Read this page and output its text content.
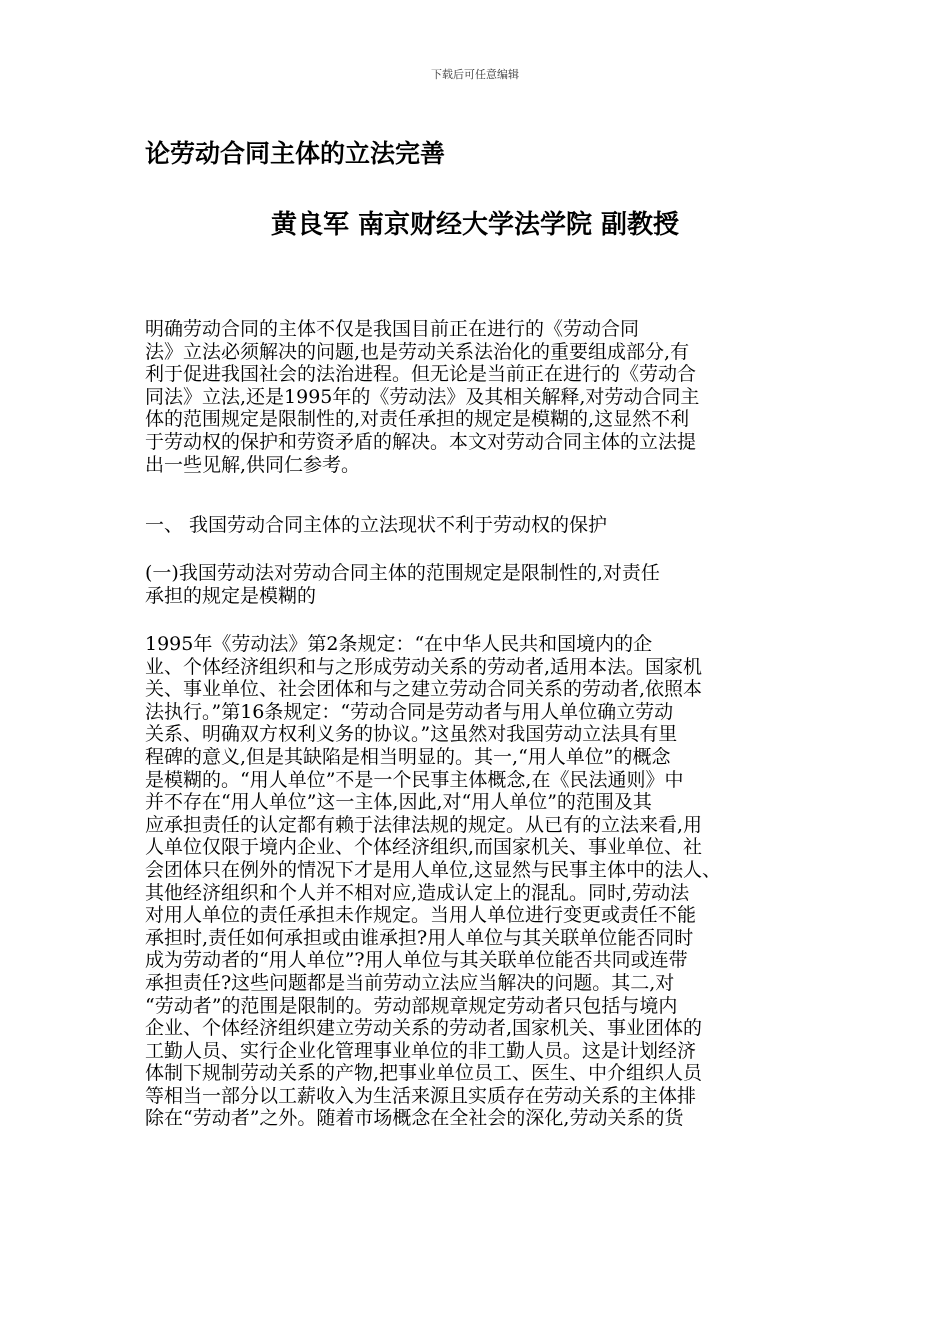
下载后可任意编辑
论劳动合同主体的立法完善
黄良军 南京财经大学法学院 副教授
明确劳动合同的主体不仅是我国目前正在进行的《劳动合同
法》立法必须解决的问题,也是劳动关系法治化的重要组成部分,有
利于促进我国社会的法治进程。但无论是当前正在进行的《劳动合
同法》立法,还是1995年的《劳动法》及其相关解释,对劳动合同主
体的范围规定是限制性的,对责任承担的规定是模糊的,这显然不利
于劳动权的保护和劳资矛盾的解决。本文对劳动合同主体的立法提
出一些见解,供同仁参考。
一、 我国劳动合同主体的立法现状不利于劳动权的保护
(一)我国劳动法对劳动合同主体的范围规定是限制性的,对责任
承担的规定是模糊的
1995年《劳动法》第2条规定：“在中华人民共和国境内的企
业、个体经济组织和与之形成劳动关系的劳动者,适用本法。国家机
关、事业单位、社会团体和与之建立劳动合同关系的劳动者,依照本
法执行。”第16条规定：“劳动合同是劳动者与用人单位确立劳动
关系、明确双方权利义务的协议。”这虽然对我国劳动立法具有里
程碑的意义,但是其缺陷是相当明显的。其一,“用人单位”的概念
是模糊的。“用人单位”不是一个民事主体概念,在《民法通则》中
并不存在“用人单位”这一主体,因此,对“用人单位”的范围及其
应承担责任的认定都有赖于法律法规的规定。从已有的立法来看,用
人单位仅限于境内企业、个体经济组织,而国家机关、事业单位、社
会团体只在例外的情况下才是用人单位,这显然与民事主体中的法人、
其他经济组织和个人并不相对应,造成认定上的混乱。同时,劳动法
对用人单位的责任承担未作规定。当用人单位进行变更或责任不能
承担时,责任如何承担或由谁承担?用人单位与其关联单位能否同时
成为劳动者的“用人单位”?用人单位与其关联单位能否共同或连带
承担责任?这些问题都是当前劳动立法应当解决的问题。其二,对
“劳动者”的范围是限制的。劳动部规章规定劳动者只包括与境内
企业、个体经济组织建立劳动关系的劳动者,国家机关、事业团体的
工勤人员、实行企业化管理事业单位的非工勤人员。这是计划经济
体制下规制劳动关系的产物,把事业单位员工、医生、中介组织人员
等相当一部分以工薪收入为生活来源且实质存在劳动关系的主体排
除在“劳动者”之外。随着市场概念在全社会的深化,劳动关系的货
